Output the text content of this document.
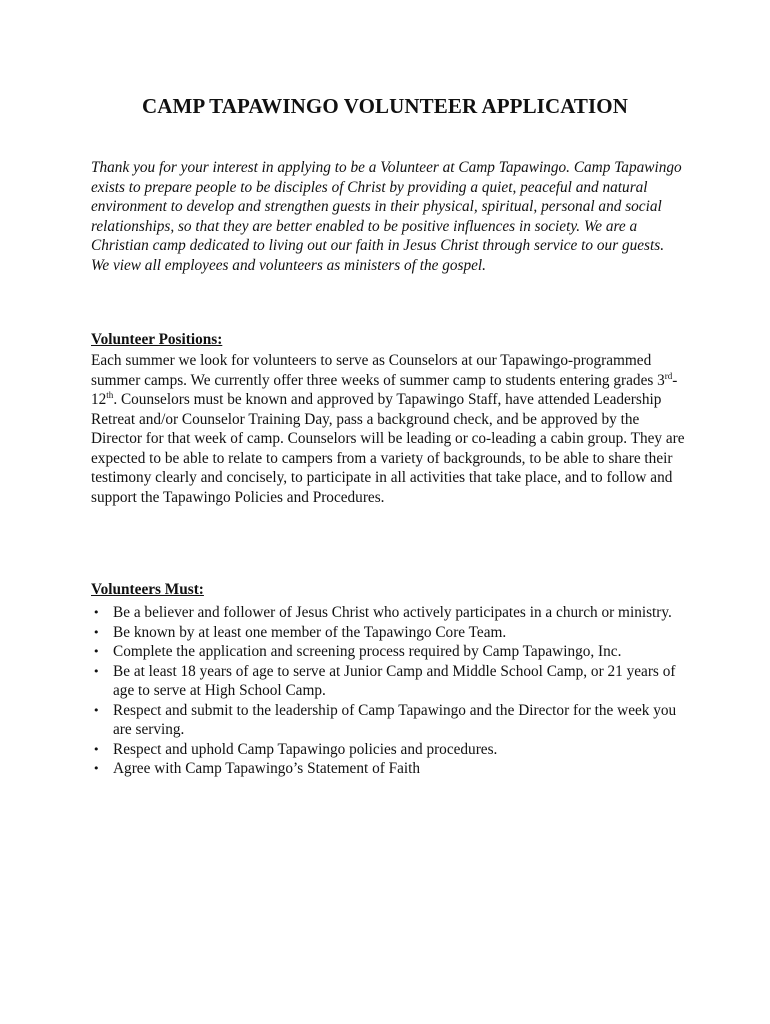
CAMP TAPAWINGO VOLUNTEER APPLICATION

Thank you for your interest in applying to be a Volunteer at Camp Tapawingo. Camp Tapawingo exists to prepare people to be disciples of Christ by providing a quiet, peaceful and natural environment to develop and strengthen guests in their physical, spiritual, personal and social relationships, so that they are better enabled to be positive influences in society. We are a Christian camp dedicated to living out our faith in Jesus Christ through service to our guests. We view all employees and volunteers as ministers of the gospel.

Volunteer Positions:

Each summer we look for volunteers to serve as Counselors at our Tapawingo-programmed summer camps. We currently offer three weeks of summer camp to students entering grades 3rd-12th. Counselors must be known and approved by Tapawingo Staff, have attended Leadership Retreat and/or Counselor Training Day, pass a background check, and be approved by the Director for that week of camp. Counselors will be leading or co-leading a cabin group. They are expected to be able to relate to campers from a variety of backgrounds, to be able to share their testimony clearly and concisely, to participate in all activities that take place, and to follow and support the Tapawingo Policies and Procedures.

Volunteers Must:

• Be a believer and follower of Jesus Christ who actively participates in a church or ministry.
• Be known by at least one member of the Tapawingo Core Team.
• Complete the application and screening process required by Camp Tapawingo, Inc.
• Be at least 18 years of age to serve at Junior Camp and Middle School Camp, or 21 years of age to serve at High School Camp.
• Respect and submit to the leadership of Camp Tapawingo and the Director for the week you are serving.
• Respect and uphold Camp Tapawingo policies and procedures.
• Agree with Camp Tapawingo’s Statement of Faith
